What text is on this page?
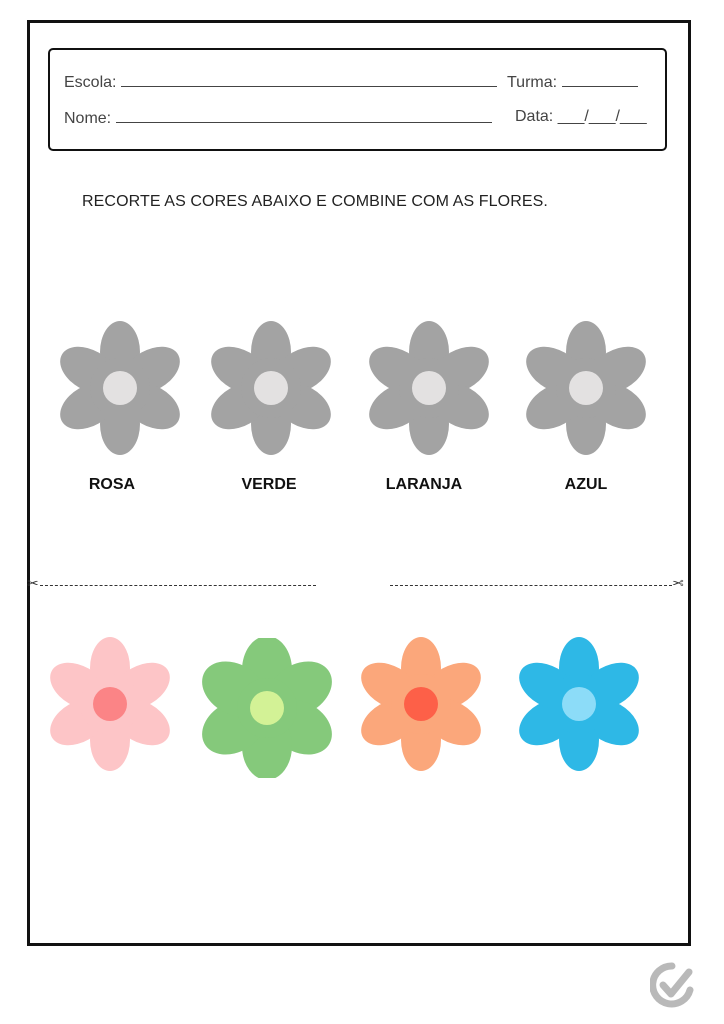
Escola:	Turma:
Nome:	Data: ___/___/___
RECORTE AS CORES ABAIXO E COMBINE COM AS FLORES.
ROSA	VERDE	LARANJA	AZUL
✂	✂
